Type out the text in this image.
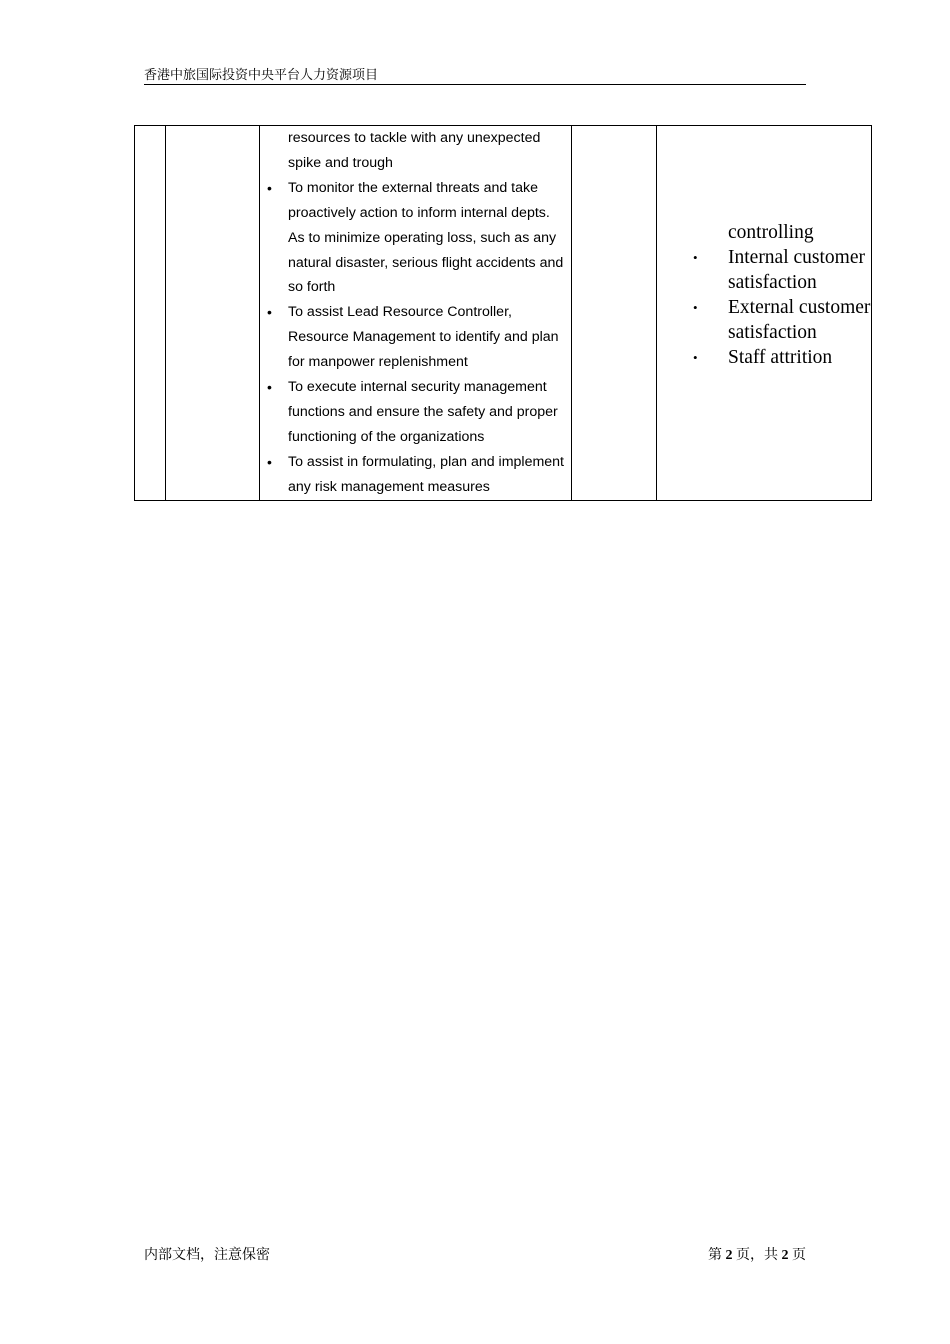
香港中旅国际投资中央平台人力资源项目

resources to tackle with any unexpected spike and trough
• To monitor the external threats and take proactively action to inform internal depts. As to minimize operating loss, such as any natural disaster, serious flight accidents and so forth
• To assist Lead Resource Controller, Resource Management to identify and plan for manpower replenishment
• To execute internal security management functions and ensure the safety and proper functioning of the organizations
• To assist in formulating, plan and implement any risk management measures

controlling
• Internal customer satisfaction
• External customer satisfaction
• Staff attrition
内部文档，注意保密	第 2 页，共 2 页
